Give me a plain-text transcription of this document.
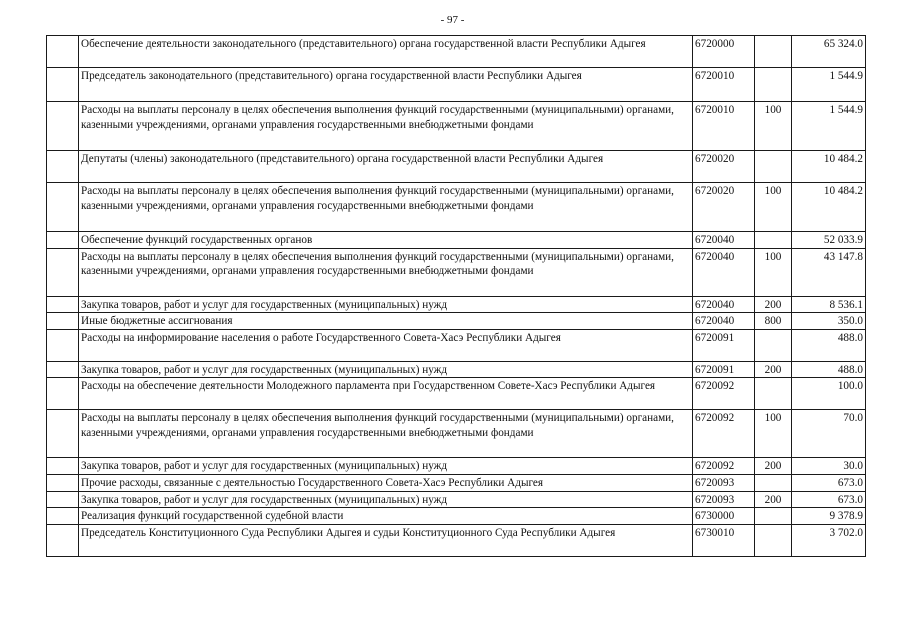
- 97 -
	Обеспечение деятельности законодательного (представительного) органа государственной власти Республики Адыгея	6720000		65 324.0
	Председатель законодательного (представительного) органа государственной власти Республики Адыгея	6720010		1 544.9
	Расходы на выплаты персоналу в целях обеспечения выполнения функций государственными (муниципальными) органами, казенными учреждениями, органами управления государственными внебюджетными фондами	6720010	100	1 544.9
	Депутаты (члены) законодательного (представительного) органа государственной власти Республики Адыгея	6720020		10 484.2
	Расходы на выплаты персоналу в целях обеспечения выполнения функций государственными (муниципальными) органами, казенными учреждениями, органами управления государственными внебюджетными фондами	6720020	100	10 484.2
	Обеспечение функций государственных органов	6720040		52 033.9
	Расходы на выплаты персоналу в целях обеспечения выполнения функций государственными (муниципальными) органами, казенными учреждениями, органами управления государственными внебюджетными фондами	6720040	100	43 147.8
	Закупка товаров, работ и услуг для государственных (муниципальных) нужд	6720040	200	8 536.1
	Иные бюджетные ассигнования	6720040	800	350.0
	Расходы на информирование населения о работе Государственного Совета-Хасэ Республики Адыгея	6720091		488.0
	Закупка товаров, работ и услуг для государственных (муниципальных) нужд	6720091	200	488.0
	Расходы на обеспечение деятельности Молодежного парламента при Государственном Совете-Хасэ Республики Адыгея	6720092		100.0
	Расходы на выплаты персоналу в целях обеспечения выполнения функций государственными (муниципальными) органами, казенными учреждениями, органами управления государственными внебюджетными фондами	6720092	100	70.0
	Закупка товаров, работ и услуг для государственных (муниципальных) нужд	6720092	200	30.0
	Прочие расходы, связанные с деятельностью Государственного Совета-Хасэ Республики Адыгея	6720093		673.0
	Закупка товаров, работ и услуг для государственных (муниципальных) нужд	6720093	200	673.0
	Реализация функций государственной судебной власти	6730000		9 378.9
	Председатель Конституционного Суда Республики Адыгея и судьи Конституционного Суда Республики Адыгея	6730010		3 702.0
